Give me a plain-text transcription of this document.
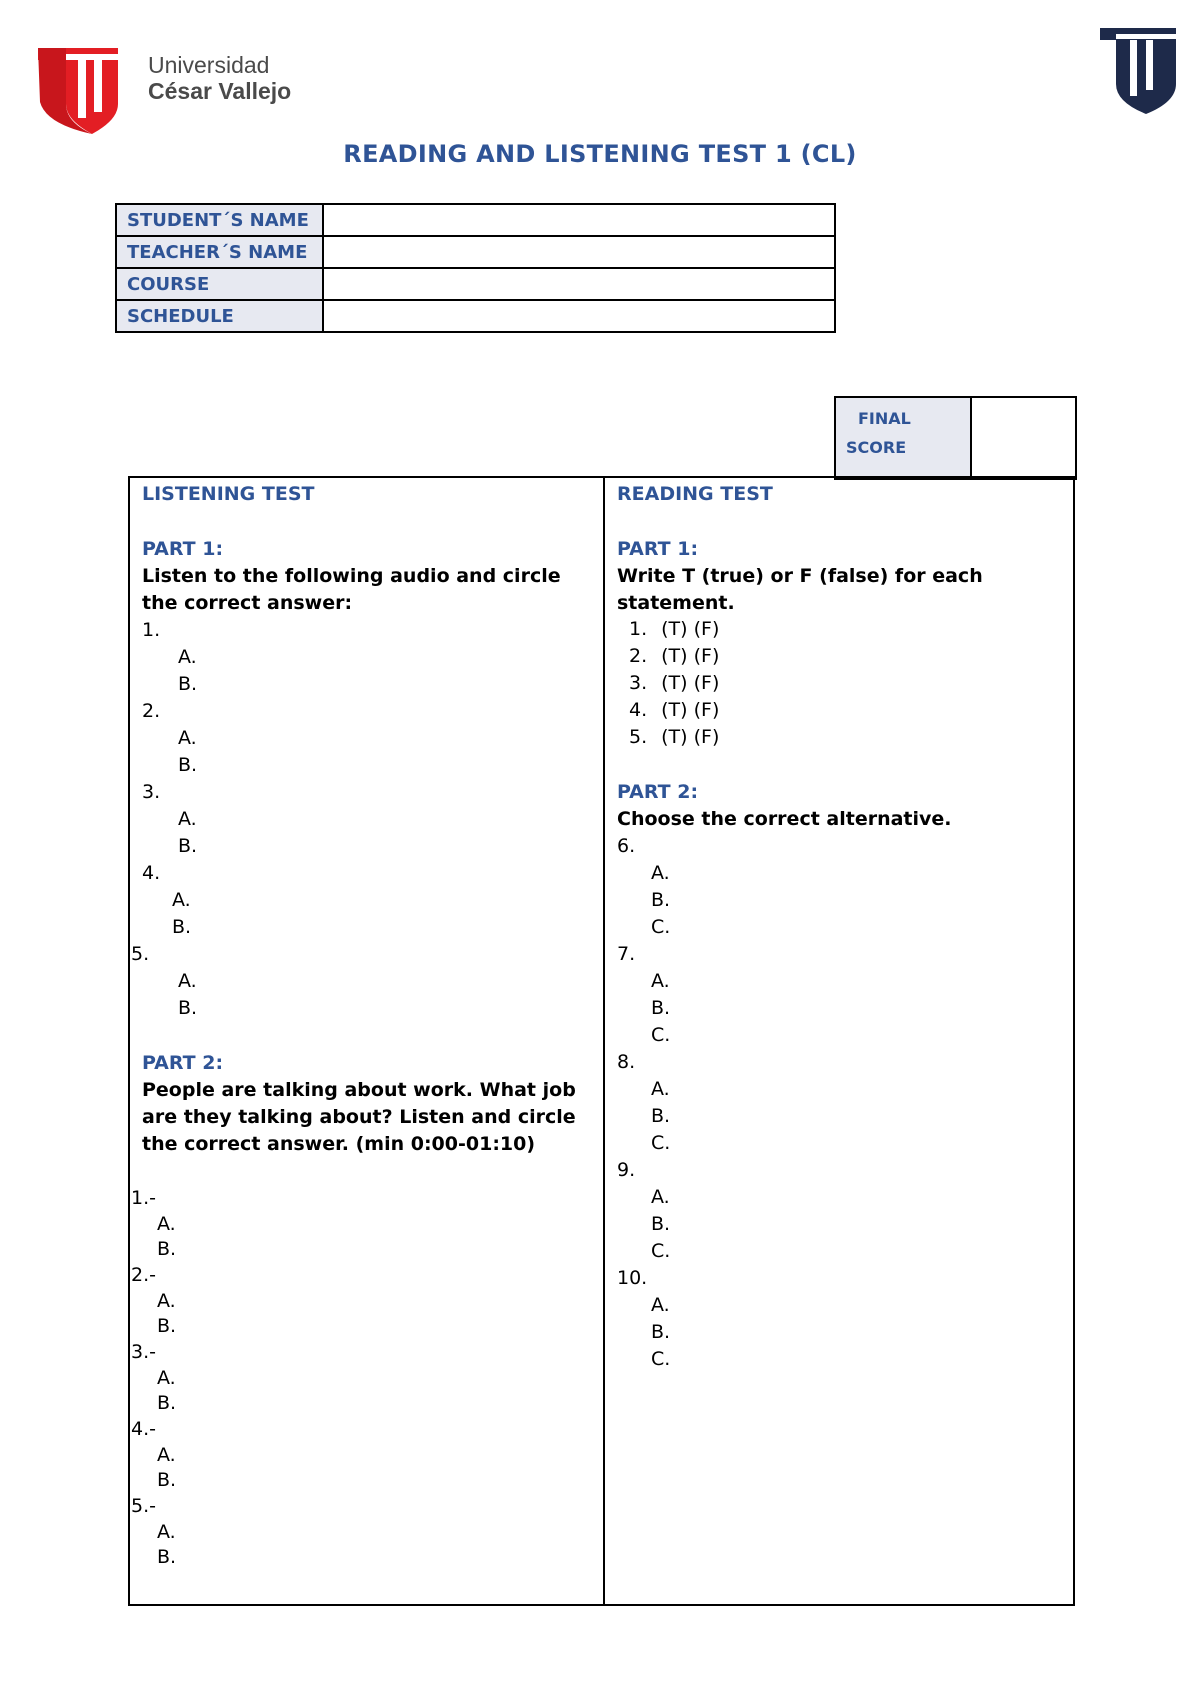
Universidad
César Vallejo
READING AND LISTENING TEST 1 (CL)
STUDENT´S NAME	
TEACHER´S NAME	
COURSE	
SCHEDULE	
FINAL
SCORE

LISTENING TEST
PART 1:
Listen to the following audio and circle the correct answer:
1.
A.
B.
2.
A.
B.
3.
A.
B.
4.
A.
B.
5.
A.
B.
PART 2:
People are talking about work. What job are they talking about? Listen and circle the correct answer. (min 0:00-01:10)
1.-
A.
B.
2.-
A.
B.
3.-
A.
B.
4.-
A.
B.
5.-
A.
B.
READING TEST
PART 1:
Write T (true) or F (false) for each statement.
1. (T) (F)
2. (T) (F)
3. (T) (F)
4. (T) (F)
5. (T) (F)
PART 2:
Choose the correct alternative.
6.
A.
B.
C.
7.
A.
B.
C.
8.
A.
B.
C.
9.
A.
B.
C.
10.
A.
B.
C.
